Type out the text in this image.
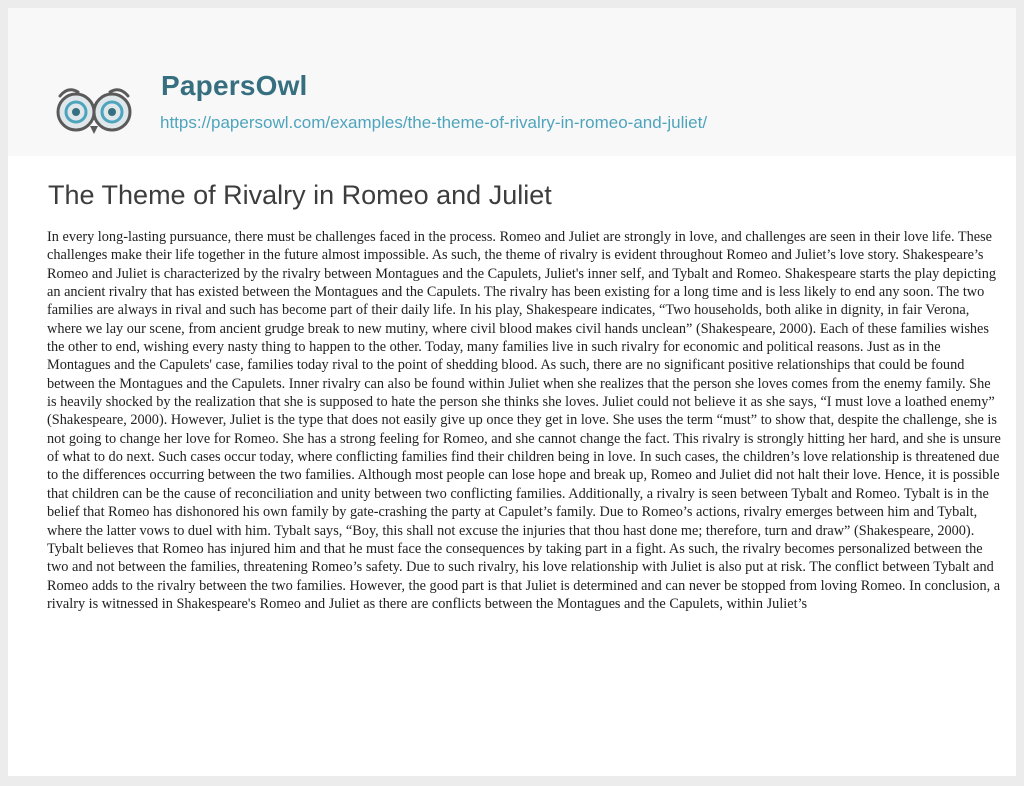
PapersOwl
https://papersowl.com/examples/the-theme-of-rivalry-in-romeo-and-juliet/
The Theme of Rivalry in Romeo and Juliet

In every long-lasting pursuance, there must be challenges faced in the process. Romeo and Juliet are strongly in love, and challenges are seen in their love life. These challenges make their life together in the future almost impossible. As such, the theme of rivalry is evident throughout Romeo and Juliet’s love story. Shakespeare’s Romeo and Juliet is characterized by the rivalry between Montagues and the Capulets, Juliet's inner self, and Tybalt and Romeo. Shakespeare starts the play depicting an ancient rivalry that has existed between the Montagues and the Capulets. The rivalry has been existing for a long time and is less likely to end any soon. The two families are always in rival and such has become part of their daily life. In his play, Shakespeare indicates, “Two households, both alike in dignity, in fair Verona, where we lay our scene, from ancient grudge break to new mutiny, where civil blood makes civil hands unclean” (Shakespeare, 2000). Each of these families wishes the other to end, wishing every nasty thing to happen to the other. Today, many families live in such rivalry for economic and political reasons. Just as in the Montagues and the Capulets' case, families today rival to the point of shedding blood. As such, there are no significant positive relationships that could be found between the Montagues and the Capulets. Inner rivalry can also be found within Juliet when she realizes that the person she loves comes from the enemy family. She is heavily shocked by the realization that she is supposed to hate the person she thinks she loves. Juliet could not believe it as she says, “I must love a loathed enemy” (Shakespeare, 2000). However, Juliet is the type that does not easily give up once they get in love. She uses the term “must” to show that, despite the challenge, she is not going to change her love for Romeo. She has a strong feeling for Romeo, and she cannot change the fact. This rivalry is strongly hitting her hard, and she is unsure of what to do next. Such cases occur today, where conflicting families find their children being in love. In such cases, the children’s love relationship is threatened due to the differences occurring between the two families. Although most people can lose hope and break up, Romeo and Juliet did not halt their love. Hence, it is possible that children can be the cause of reconciliation and unity between two conflicting families. Additionally, a rivalry is seen between Tybalt and Romeo. Tybalt is in the belief that Romeo has dishonored his own family by gate-crashing the party at Capulet’s family. Due to Romeo’s actions, rivalry emerges between him and Tybalt, where the latter vows to duel with him. Tybalt says, “Boy, this shall not excuse the injuries that thou hast done me; therefore, turn and draw” (Shakespeare, 2000). Tybalt believes that Romeo has injured him and that he must face the consequences by taking part in a fight. As such, the rivalry becomes personalized between the two and not between the families, threatening Romeo’s safety. Due to such rivalry, his love relationship with Juliet is also put at risk. The conflict between Tybalt and Romeo adds to the rivalry between the two families. However, the good part is that Juliet is determined and can never be stopped from loving Romeo. In conclusion, a rivalry is witnessed in Shakespeare's Romeo and Juliet as there are conflicts between the Montagues and the Capulets, within Juliet’s
